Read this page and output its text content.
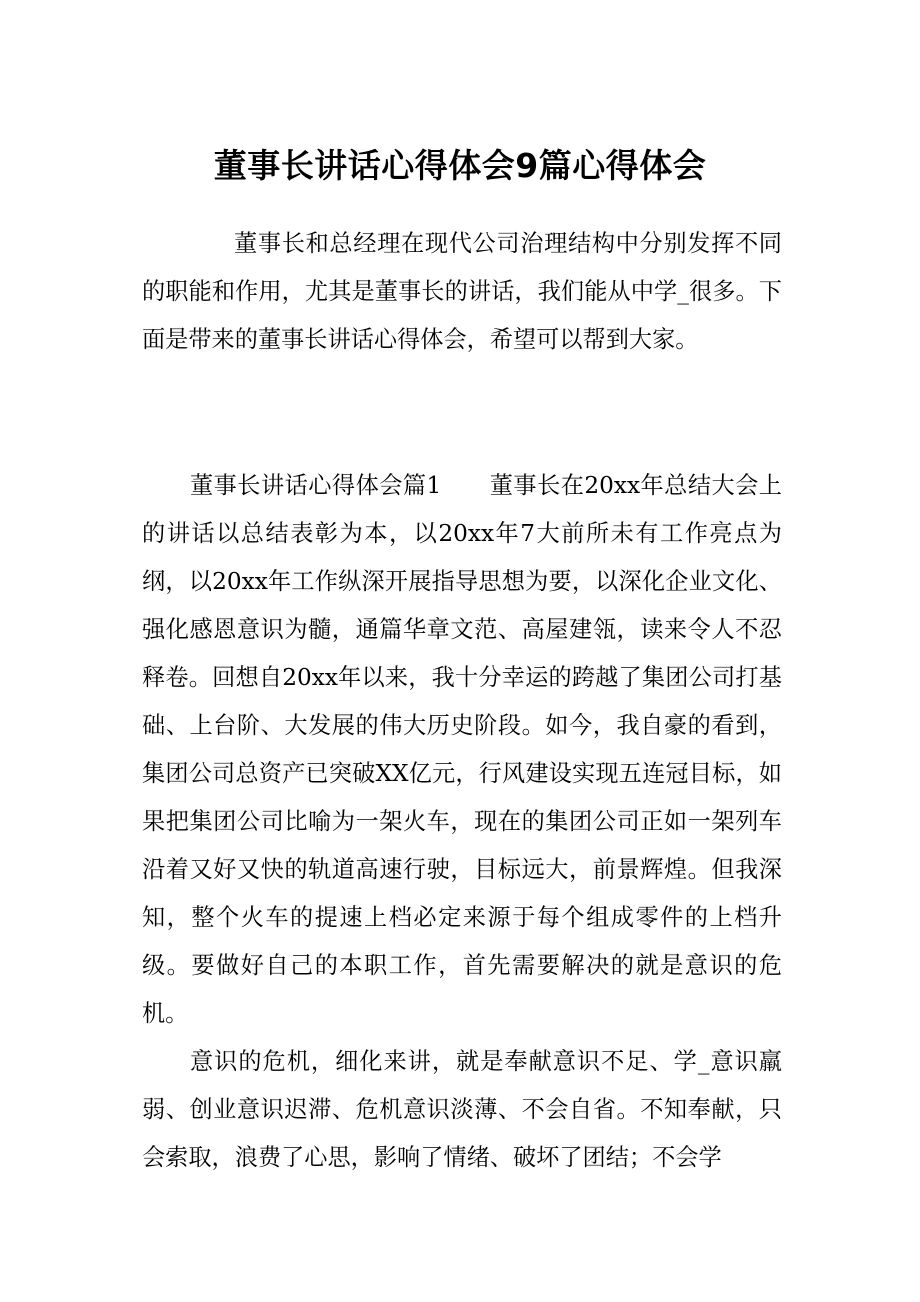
董事长讲话心得体会9篇心得体会

董事长和总经理在现代公司治理结构中分别发挥不同的职能和作用，尤其是董事长的讲话，我们能从中学_很多。下面是带来的董事长讲话心得体会，希望可以帮到大家。

董事长讲话心得体会篇1 董事长在20xx年总结大会上的讲话以总结表彰为本，以20xx年7大前所未有工作亮点为纲，以20xx年工作纵深开展指导思想为要，以深化企业文化、强化感恩意识为髓，通篇华章文范、高屋建瓴，读来令人不忍释卷。回想自20xx年以来，我十分幸运的跨越了集团公司打基础、上台阶、大发展的伟大历史阶段。如今，我自豪的看到，集团公司总资产已突破XX亿元，行风建设实现五连冠目标，如果把集团公司比喻为一架火车，现在的集团公司正如一架列车沿着又好又快的轨道高速行驶，目标远大，前景辉煌。但我深知，整个火车的提速上档必定来源于每个组成零件的上档升级。要做好自己的本职工作，首先需要解决的就是意识的危机。

意识的危机，细化来讲，就是奉献意识不足、学_意识羸弱、创业意识迟滞、危机意识淡薄、不会自省。不知奉献，只会索取，浪费了心思，影响了情绪、破坏了团结；不会学
